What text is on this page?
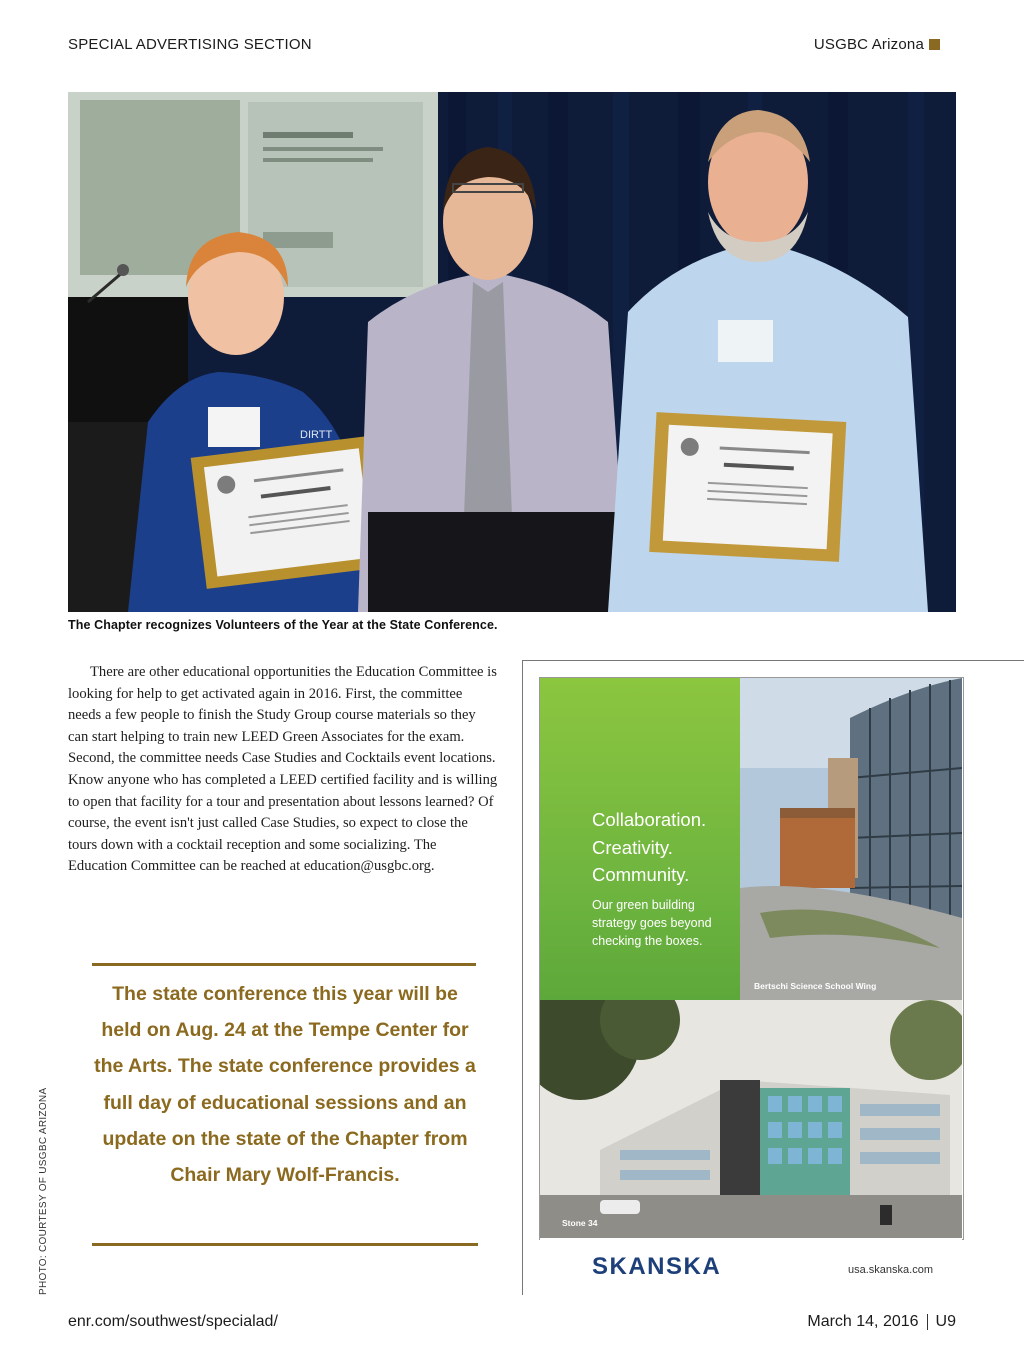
SPECIAL ADVERTISING SECTION	USGBC Arizona
DIRTT
The Chapter recognizes Volunteers of the Year at the State Conference.
There are other educational opportunities the Education Committee is looking for help to get activated again in 2016. First, the committee needs a few people to finish the Study Group course materials so they can start helping to train new LEED Green Associates for the exam. Second, the committee needs Case Studies and Cocktails event locations. Know anyone who has completed a LEED certified facility and is willing to open that facility for a tour and presentation about lessons learned? Of course, the event isn't just called Case Studies, so expect to close the tours down with a cocktail reception and some socializing. The Education Committee can be reached at education@usgbc.org.
The state conference this year will be held on Aug. 24 at the Tempe Center for the Arts. The state conference provides a full day of educational sessions and an update on the state of the Chapter from Chair Mary Wolf-Francis.
PHOTO: COURTESY OF USGBC ARIZONA
Collaboration.
Creativity.
Community.
Our green building strategy goes beyond checking the boxes.
Bertschi Science School Wing
Stone 34
SKANSKA	usa.skanska.com
enr.com/southwest/specialad/	March 14, 2016 U9
